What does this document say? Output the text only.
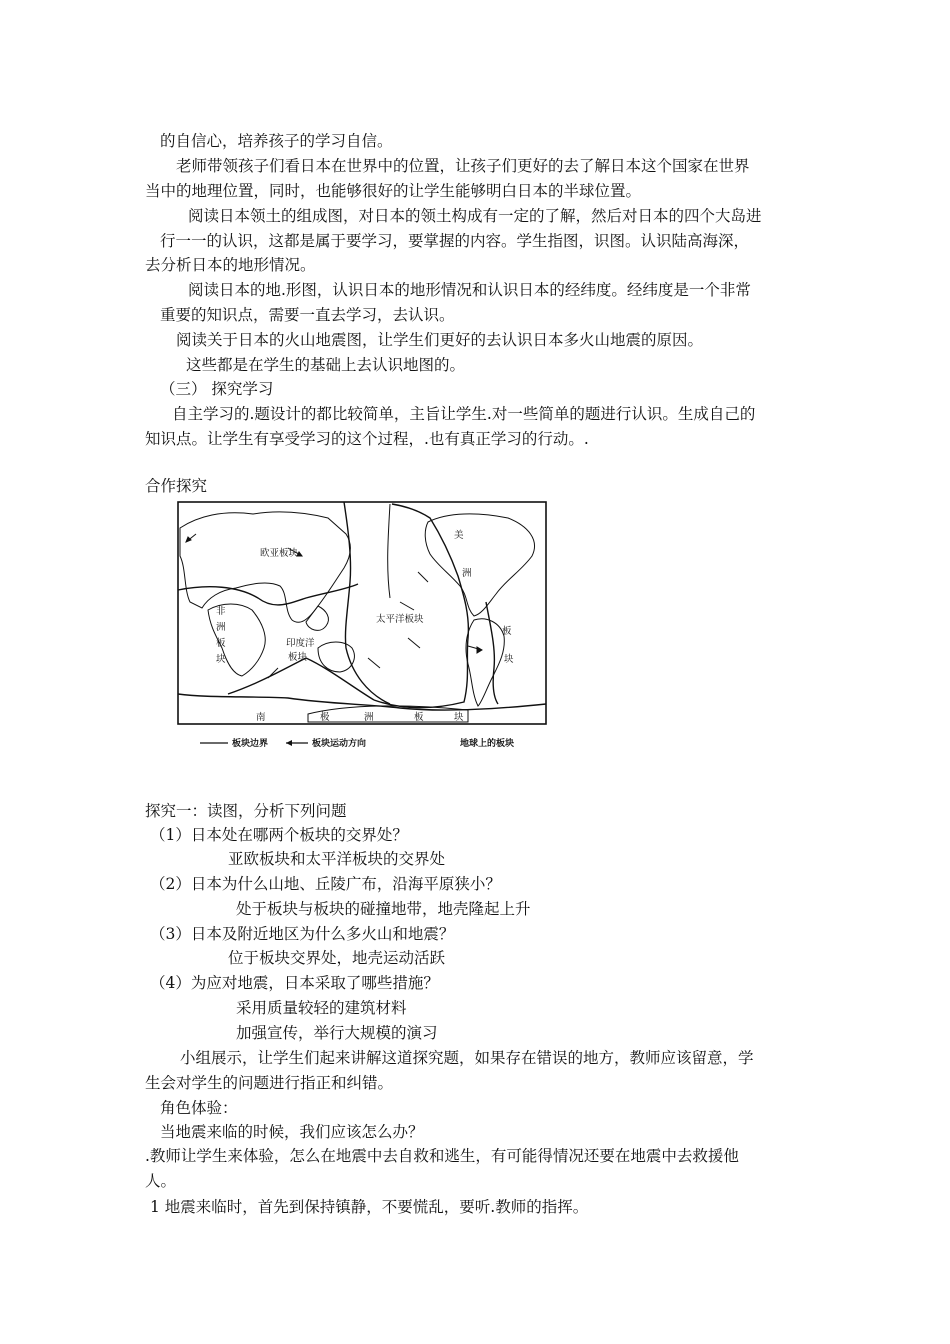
的自信心，培养孩子的学习自信。
老师带领孩子们看日本在世界中的位置，让孩子们更好的去了解日本这个国家在世界
当中的地理位置，同时，也能够很好的让学生能够明白日本的半球位置。
阅读日本领土的组成图，对日本的领土构成有一定的了解，然后对日本的四个大岛进
行一一的认识，这都是属于要学习，要掌握的内容。学生指图，识图。认识陆高海深，
去分析日本的地形情况。
阅读日本的地.形图，认识日本的地形情况和认识日本的经纬度。经纬度是一个非常
重要的知识点，需要一直去学习，去认识。
阅读关于日本的火山地震图，让学生们更好的去认识日本多火山地震的原因。
这些都是在学生的基础上去认识地图的。
（三） 探究学习
自主学习的.题设计的都比较简单，主旨让学生.对一些简单的题进行认识。生成自己的
知识点。让学生有享受学习的这个过程，.也有真正学习的行动。.
合作探究
欧亚板块
美
洲
非
洲
板
块
印度洋
板块
太平洋板块
板
块
南	极	洲	板	块
板块边界	板块运动方向	地球上的板块
探究一：读图，分析下列问题
（1）日本处在哪两个板块的交界处？
亚欧板块和太平洋板块的交界处
（2）日本为什么山地、丘陵广布，沿海平原狭小？
处于板块与板块的碰撞地带，地壳隆起上升
（3）日本及附近地区为什么多火山和地震？
位于板块交界处，地壳运动活跃
（4）为应对地震，日本采取了哪些措施？
采用质量较轻的建筑材料
加强宣传，举行大规模的演习
小组展示，让学生们起来讲解这道探究题，如果存在错误的地方，教师应该留意，学
生会对学生的问题进行指正和纠错。
角色体验：
当地震来临的时候，我们应该怎么办？
.教师让学生来体验，怎么在地震中去自救和逃生，有可能得情况还要在地震中去救援他
人。
1 地震来临时，首先到保持镇静，不要慌乱，要听.教师的指挥。
